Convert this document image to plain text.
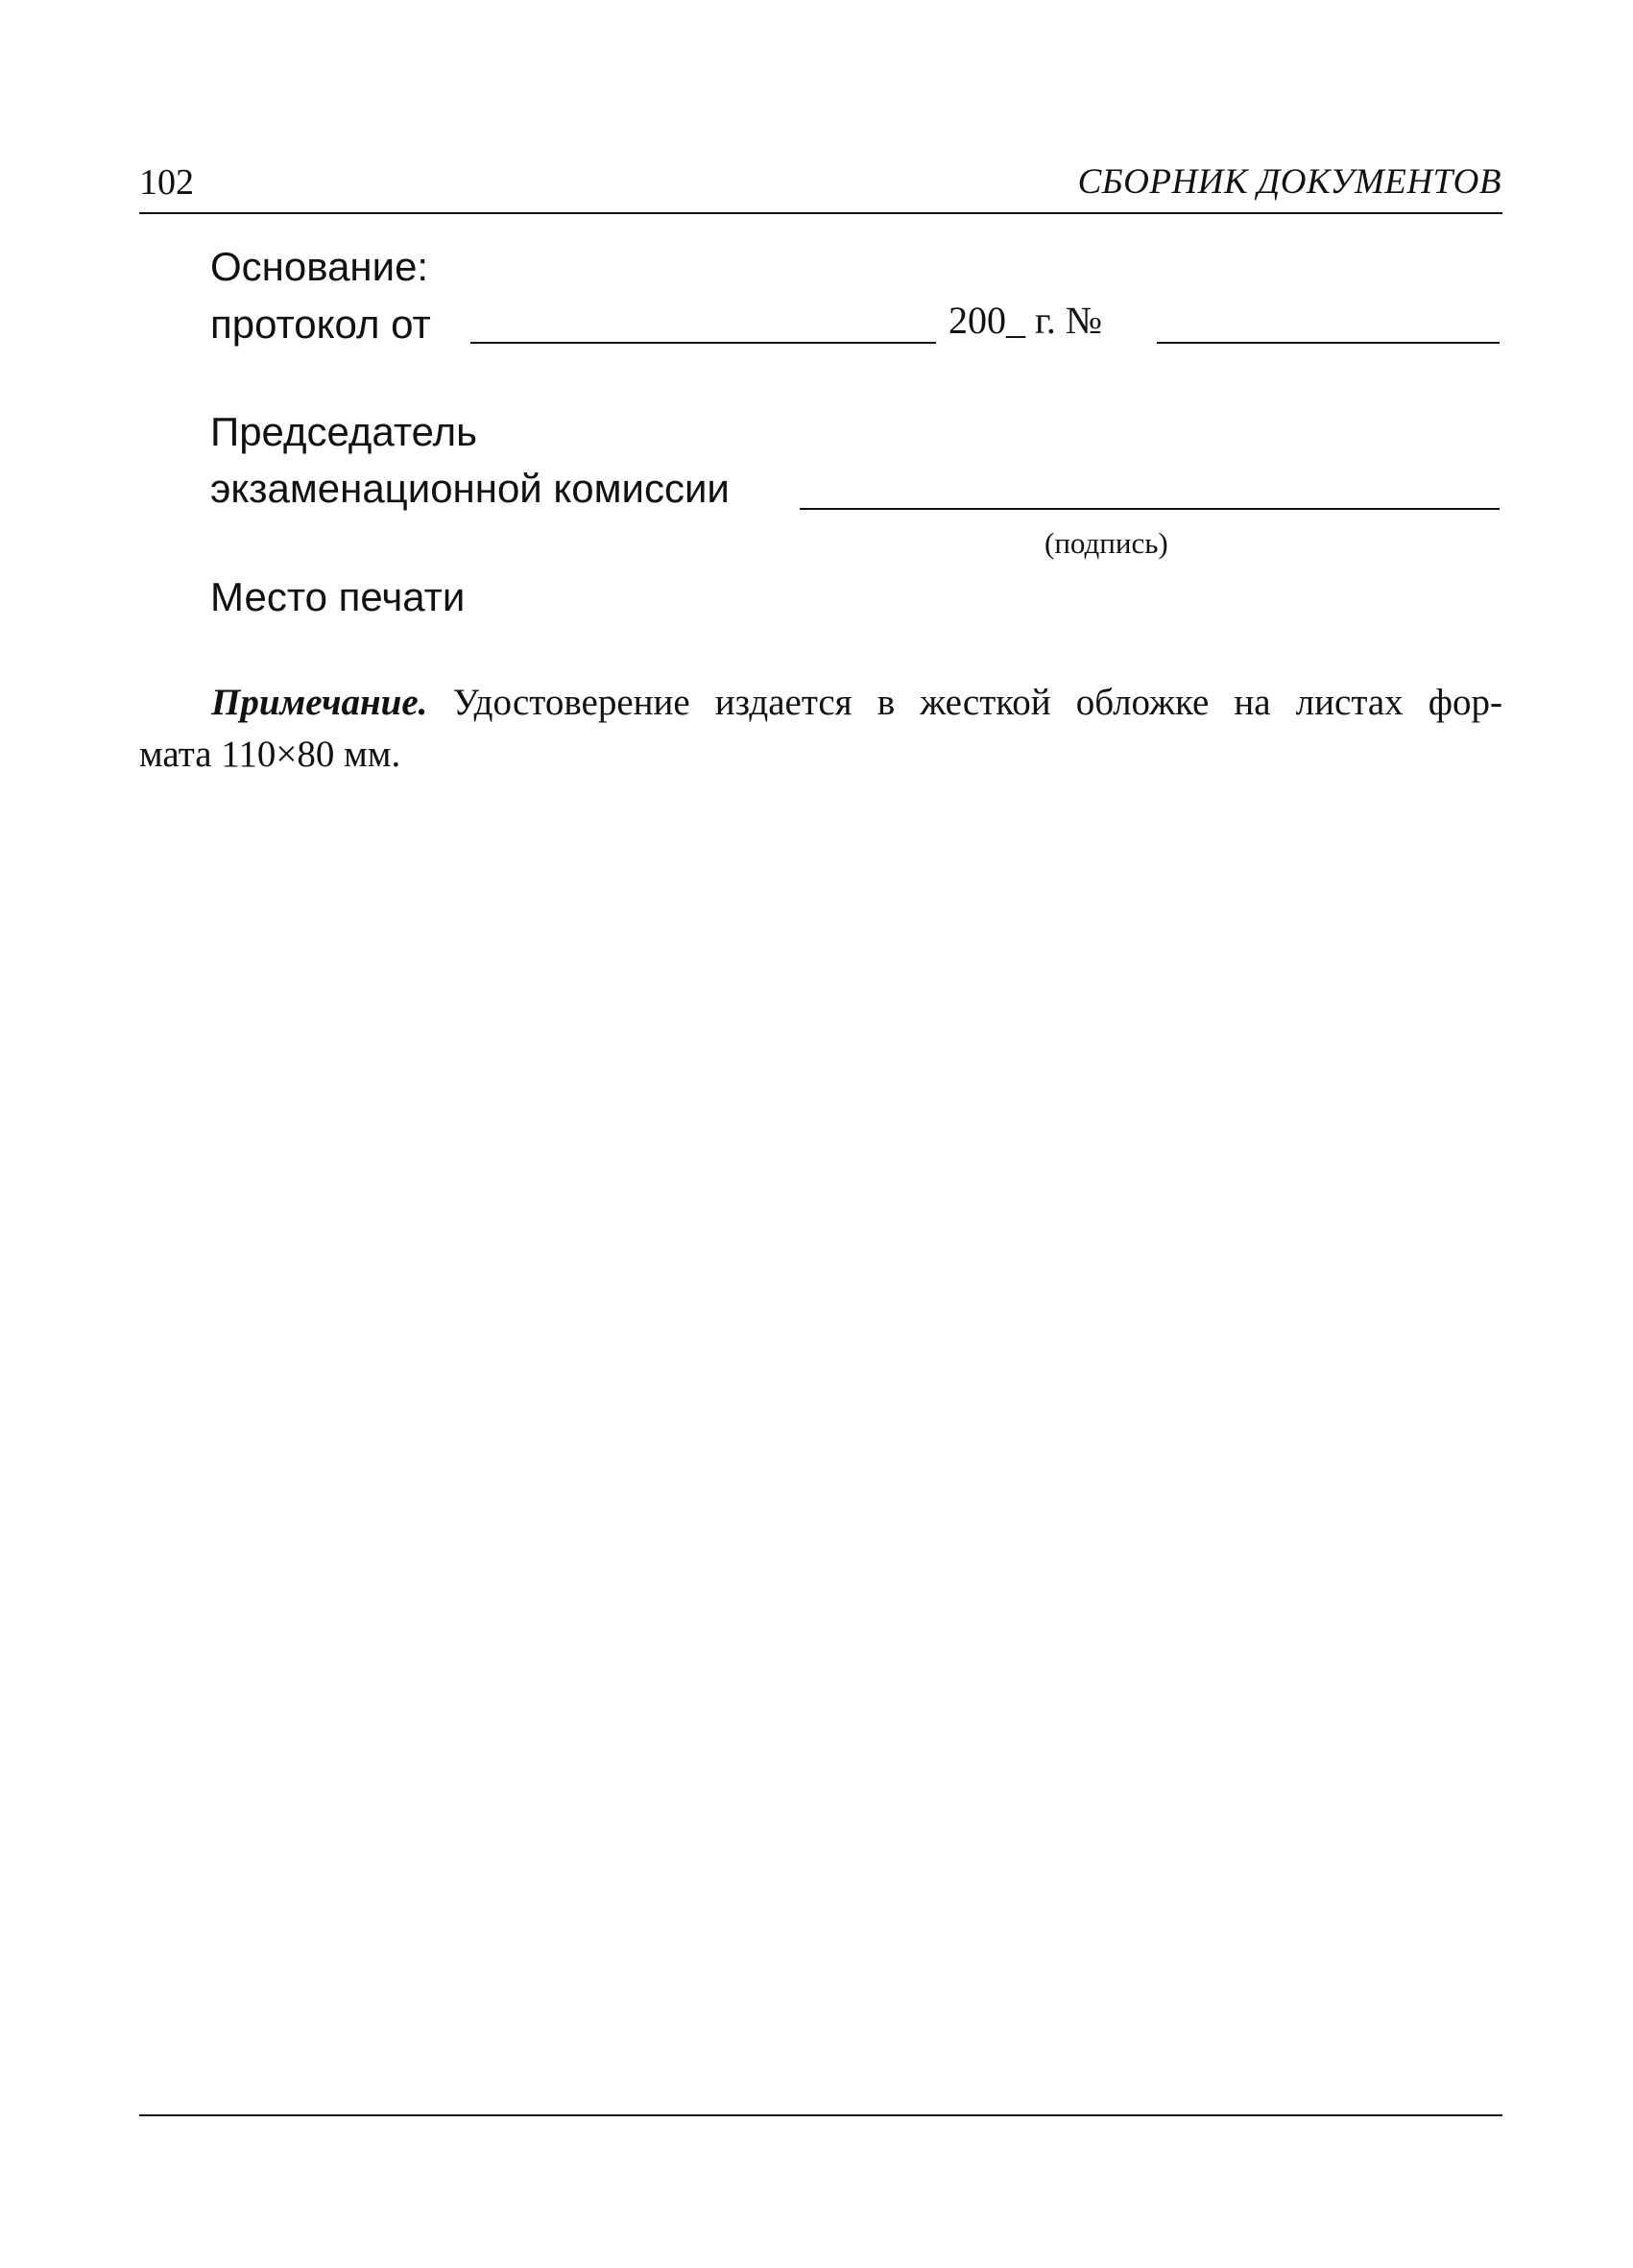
102	СБОРНИК ДОКУМЕНТОВ
Основание:
протокол от	200_ г. №
Председатель
экзаменационной комиссии
(подпись)
Место печати
Примечание. Удостоверение издается в жесткой обложке на листах фор-
мата 110×80 мм.
